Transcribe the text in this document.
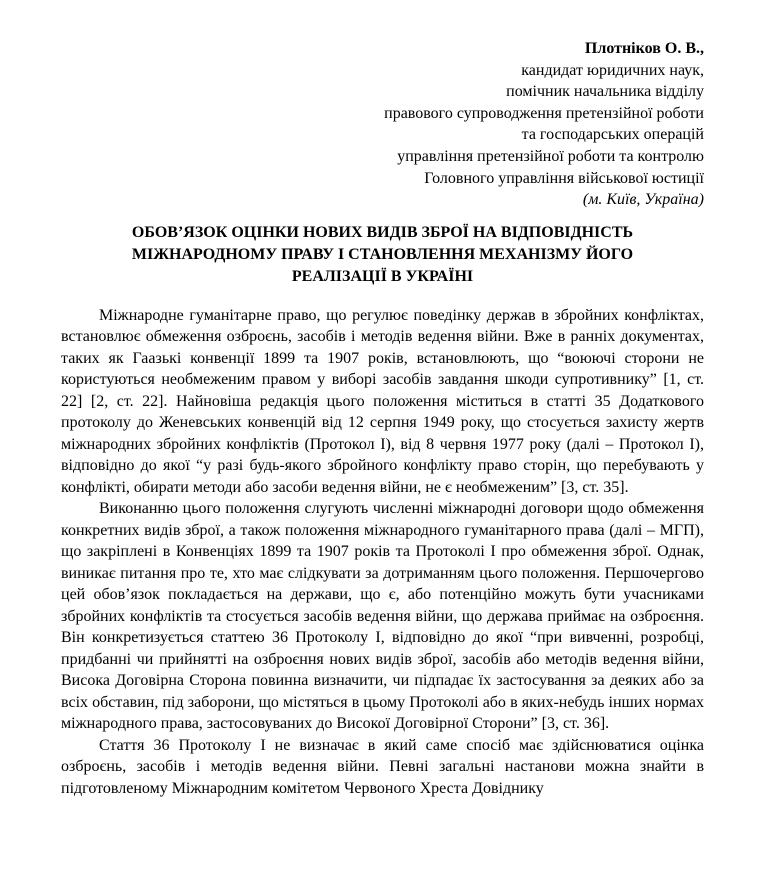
Плотніков О. В.,
кандидат юридичних наук,
помічник начальника відділу
правового супроводження претензійної роботи
та господарських операцій
управління претензійної роботи та контролю
Головного управління військової юстиції
(м. Київ, Україна)
ОБОВ’ЯЗОК ОЦІНКИ НОВИХ ВИДІВ ЗБРОЇ НА ВІДПОВІДНІСТЬ
МІЖНАРОДНОМУ ПРАВУ І СТАНОВЛЕННЯ МЕХАНІЗМУ ЙОГО
РЕАЛІЗАЦІЇ В УКРАЇНІ

Міжнародне гуманітарне право, що регулює поведінку держав в збройних конфліктах, встановлює обмеження озброєнь, засобів і методів ведення війни. Вже в ранніх документах, таких як Гаазькі конвенції 1899 та 1907 років, встановлюють, що “воюючі сторони не користуються необмеженим правом у виборі засобів завдання шкоди супротивнику” [1, ст. 22] [2, ст. 22]. Найновіша редакція цього положення міститься в статті 35 Додаткового протоколу до Женевських конвенцій від 12 серпня 1949 року, що стосується захисту жертв міжнародних збройних конфліктів (Протокол I), від 8 червня 1977 року (далі – Протокол I), відповідно до якої “у разі будь-якого збройного конфлікту право сторін, що перебувають у конфлікті, обирати методи або засоби ведення війни, не є необмеженим” [3, ст. 35].

Виконанню цього положення слугують численні міжнародні договори щодо обмеження конкретних видів зброї, а також положення міжнародного гуманітарного права (далі – МГП), що закріплені в Конвенціях 1899 та 1907 років та Протоколі І про обмеження зброї. Однак, виникає питання про те, хто має слідкувати за дотриманням цього положення. Першочергово цей обов’язок покладається на держави, що є, або потенційно можуть бути учасниками збройних конфліктів та стосується засобів ведення війни, що держава приймає на озброєння. Він конкретизується статтею 36 Протоколу І, відповідно до якої “при вивченні, розробці, придбанні чи прийнятті на озброєння нових видів зброї, засобів або методів ведення війни, Висока Договірна Сторона повинна визначити, чи підпадає їх застосування за деяких або за всіх обставин, під заборони, що містяться в цьому Протоколі або в яких-небудь інших нормах міжнародного права, застосовуваних до Високої Договірної Сторони” [3, ст. 36].

Стаття 36 Протоколу І не визначає в який саме спосіб має здійснюватися оцінка озброєнь, засобів і методів ведення війни. Певні загальні настанови можна знайти в підготовленому Міжнародним комітетом Червоного Хреста Довіднику
